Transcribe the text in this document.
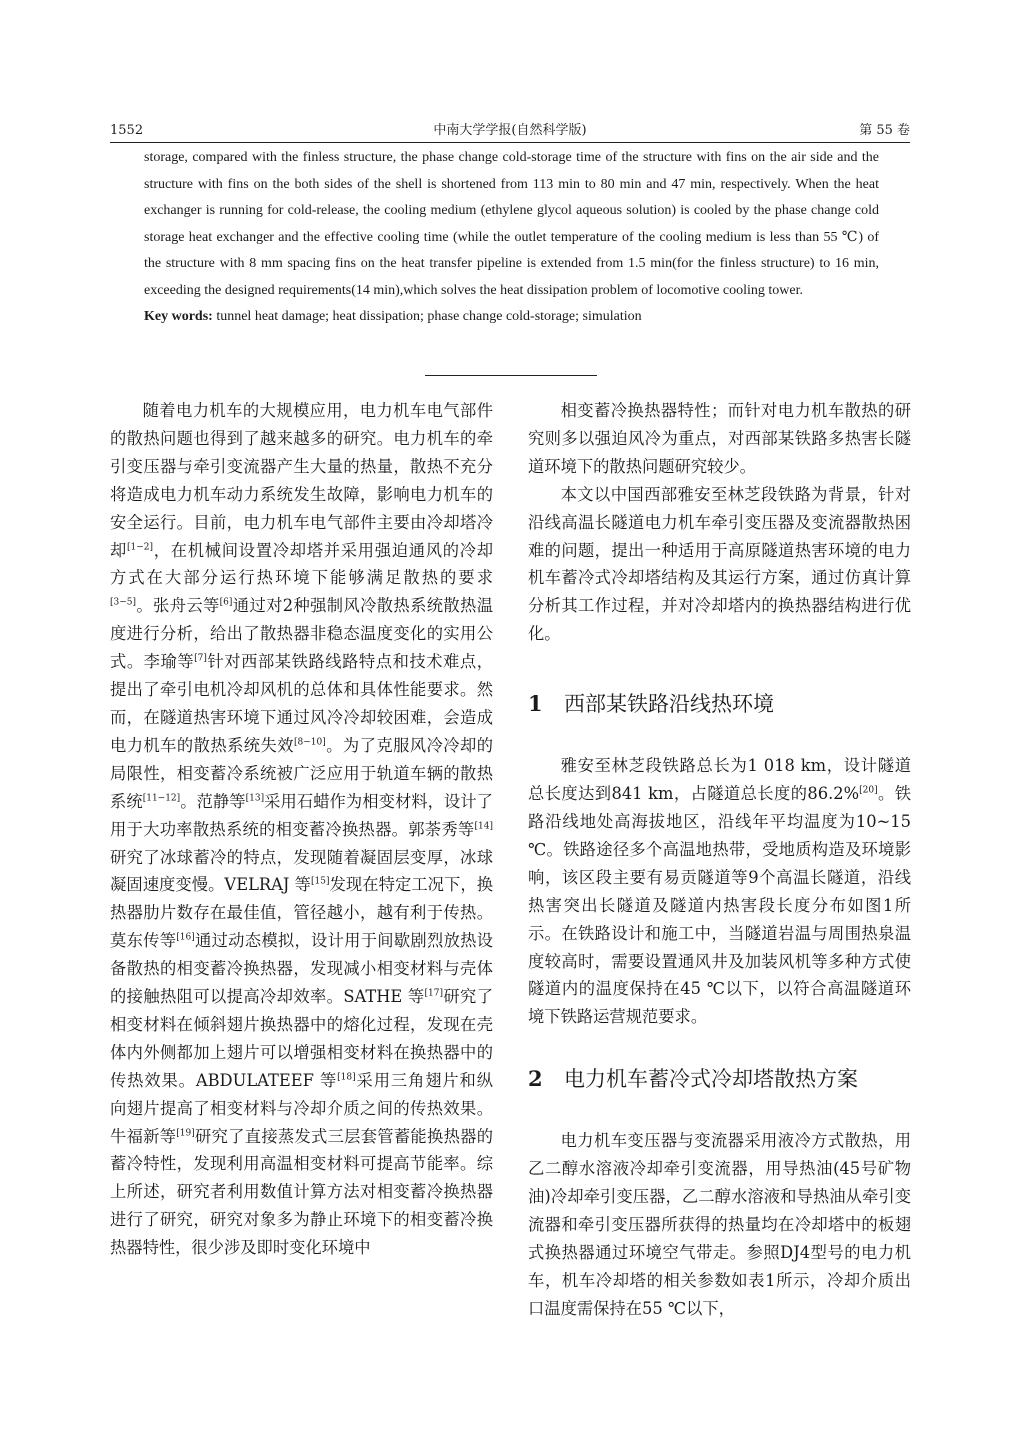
中南大学学报(自然科学版)
1552	第 55 卷

storage, compared with the finless structure, the phase change cold-storage time of the structure with fins on the air side and the structure with fins on the both sides of the shell is shortened from 113 min to 80 min and 47 min, respectively. When the heat exchanger is running for cold-release, the cooling medium (ethylene glycol aqueous solution) is cooled by the phase change cold storage heat exchanger and the effective cooling time (while the outlet temperature of the cooling medium is less than 55 ℃) of the structure with 8 mm spacing fins on the heat transfer pipeline is extended from 1.5 min(for the finless structure) to 16 min, exceeding the designed requirements(14 min),which solves the heat dissipation problem of locomotive cooling tower.

Key words: tunnel heat damage; heat dissipation; phase change cold-storage; simulation

随着电力机车的大规模应用，电力机车电气部件的散热问题也得到了越来越多的研究。电力机车的牵引变压器与牵引变流器产生大量的热量，散热不充分将造成电力机车动力系统发生故障，影响电力机车的安全运行。目前，电力机车电气部件主要由冷却塔冷却[1−2]，在机械间设置冷却塔并采用强迫通风的冷却方式在大部分运行热环境下能够满足散热的要求[3−5]。张舟云等[6]通过对2种强制风冷散热系统散热温度进行分析，给出了散热器非稳态温度变化的实用公式。李瑜等[7]针对西部某铁路线路特点和技术难点，提出了牵引电机冷却风机的总体和具体性能要求。然而，在隧道热害环境下通过风冷冷却较困难，会造成电力机车的散热系统失效[8−10]。为了克服风冷冷却的局限性，相变蓄冷系统被广泛应用于轨道车辆的散热系统[11−12]。范静等[13]采用石蜡作为相变材料，设计了用于大功率散热系统的相变蓄冷换热器。郭荼秀等[14]研究了冰球蓄冷的特点，发现随着凝固层变厚，冰球凝固速度变慢。VELRAJ 等[15]发现在特定工况下，换热器肋片数存在最佳值，管径越小，越有利于传热。莫东传等[16]通过动态模拟，设计用于间歇剧烈放热设备散热的相变蓄冷换热器，发现减小相变材料与壳体的接触热阻可以提高冷却效率。SATHE 等[17]研究了相变材料在倾斜翅片换热器中的熔化过程，发现在壳体内外侧都加上翅片可以增强相变材料在换热器中的传热效果。ABDULATEEF 等[18]采用三角翅片和纵向翅片提高了相变材料与冷却介质之间的传热效果。牛福新等[19]研究了直接蒸发式三层套管蓄能换热器的蓄冷特性，发现利用高温相变材料可提高节能率。综上所述，研究者利用数值计算方法对相变蓄冷换热器进行了研究，研究对象多为静止环境下的相变蓄冷换热器特性，很少涉及即时变化环境中

相变蓄冷换热器特性；而针对电力机车散热的研究则多以强迫风冷为重点，对西部某铁路多热害长隧道环境下的散热问题研究较少。

本文以中国西部雅安至林芝段铁路为背景，针对沿线高温长隧道电力机车牵引变压器及变流器散热困难的问题，提出一种适用于高原隧道热害环境的电力机车蓄冷式冷却塔结构及其运行方案，通过仿真计算分析其工作过程，并对冷却塔内的换热器结构进行优化。

1 西部某铁路沿线热环境

雅安至林芝段铁路总长为1 018 km，设计隧道总长度达到841 km，占隧道总长度的86.2%[20]。铁路沿线地处高海拔地区，沿线年平均温度为10~15 ℃。铁路途径多个高温地热带，受地质构造及环境影响，该区段主要有易贡隧道等9个高温长隧道，沿线热害突出长隧道及隧道内热害段长度分布如图1所示。在铁路设计和施工中，当隧道岩温与周围热泉温度较高时，需要设置通风井及加装风机等多种方式使隧道内的温度保持在45 ℃以下，以符合高温隧道环境下铁路运营规范要求。

2 电力机车蓄冷式冷却塔散热方案

电力机车变压器与变流器采用液冷方式散热，用乙二醇水溶液冷却牵引变流器，用导热油(45号矿物油)冷却牵引变压器，乙二醇水溶液和导热油从牵引变流器和牵引变压器所获得的热量均在冷却塔中的板翅式换热器通过环境空气带走。参照DJ4型号的电力机车，机车冷却塔的相关参数如表1所示，冷却介质出口温度需保持在55 ℃以下，
